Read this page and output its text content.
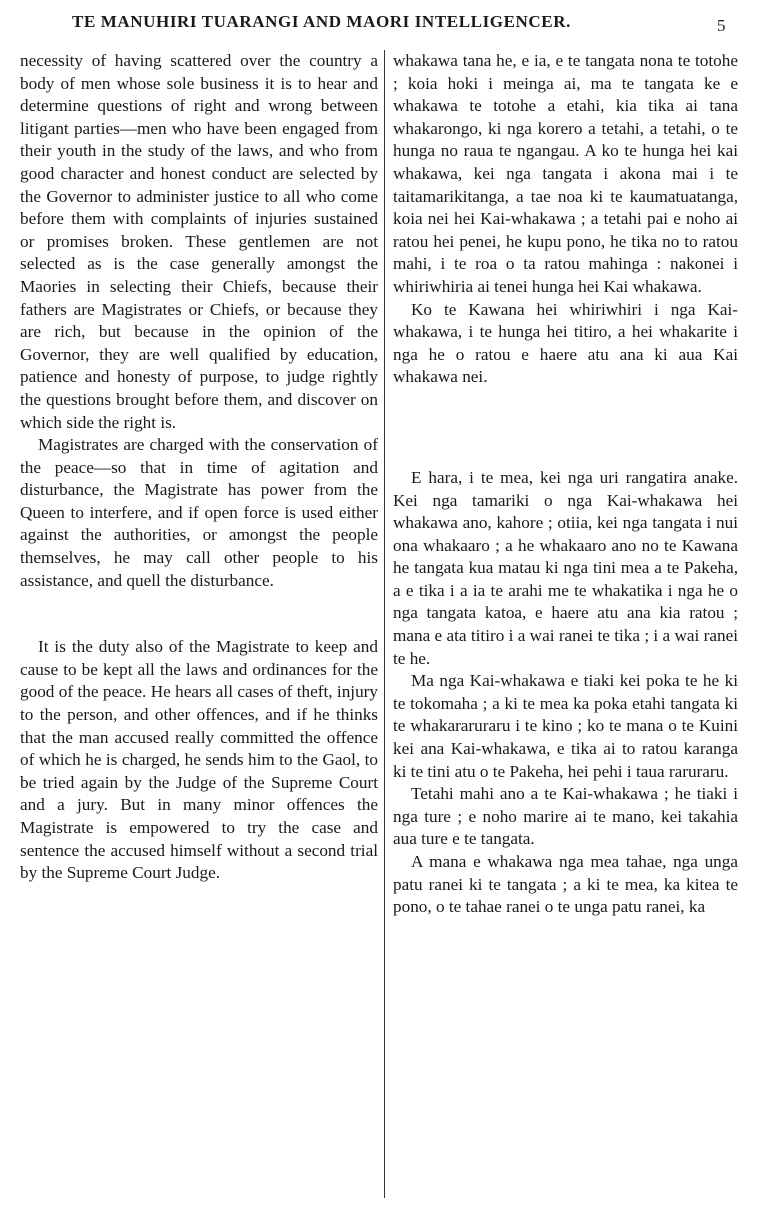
TE MANUHIRI TUARANGI AND MAORI INTELLIGENCER.	5

necessity of having scattered over the country a body of men whose sole business it is to hear and determine questions of right and wrong between litigant parties—men who have been engaged from their youth in the study of the laws, and who from good character and honest conduct are selected by the Governor to administer justice to all who come before them with complaints of injuries sustained or promises broken. These gentlemen are not selected as is the case generally amongst the Maories in selecting their Chiefs, because their fathers are Magistrates or Chiefs, or because they are rich, but because in the opinion of the Governor, they are well qualified by education, patience and honesty of purpose, to judge rightly the questions brought before them, and discover on which side the right is.

Magistrates are charged with the conservation of the peace—so that in time of agitation and disturbance, the Magistrate has power from the Queen to interfere, and if open force is used either against the authorities, or amongst the people themselves, he may call other people to his assistance, and quell the disturbance.

It is the duty also of the Magistrate to keep and cause to be kept all the laws and ordinances for the good of the peace. He hears all cases of theft, injury to the person, and other offences, and if he thinks that the man accused really committed the offence of which he is charged, he sends him to the Gaol, to be tried again by the Judge of the Supreme Court and a jury. But in many minor offences the Magistrate is empowered to try the case and sentence the accused himself without a second trial by the Supreme Court Judge.

whakawa tana he, e ia, e te tangata nona te totohe ; koia hoki i meinga ai, ma te tangata ke e whakawa te totohe a etahi, kia tika ai tana whakarongo, ki nga korero a tetahi, a tetahi, o te hunga no raua te ngangau. A ko te hunga hei kai whakawa, kei nga tangata i akona mai i te taitamarikitanga, a tae noa ki te kaumatuatanga, koia nei hei Kai-whakawa ; a tetahi pai e noho ai ratou hei penei, he kupu pono, he tika no to ratou mahi, i te roa o ta ratou mahinga : nakonei i whiriwhiria ai tenei hunga hei Kai whakawa.

Ko te Kawana hei whiriwhiri i nga Kai-whakawa, i te hunga hei titiro, a hei whakarite i nga he o ratou e haere atu ana ki aua Kai whakawa nei.

E hara, i te mea, kei nga uri rangatira anake. Kei nga tamariki o nga Kai-whakawa hei whakawa ano, kahore ; otiia, kei nga tangata i nui ona whakaaro ; a he whakaaro ano no te Kawana he tangata kua matau ki nga tini mea a te Pakeha, a e tika i a ia te arahi me te whakatika i nga he o nga tangata katoa, e haere atu ana kia ratou ; mana e ata titiro i a wai ranei te tika ; i a wai ranei te he.

Ma nga Kai-whakawa e tiaki kei poka te he ki te tokomaha ; a ki te mea ka poka etahi tangata ki te whakararuraru i te kino ; ko te mana o te Kuini kei ana Kai-whakawa, e tika ai to ratou karanga ki te tini atu o te Pakeha, hei pehi i taua raruraru.

Tetahi mahi ano a te Kai-whakawa ; he tiaki i nga ture ; e noho marire ai te mano, kei takahia aua ture e te tangata.

A mana e whakawa nga mea tahae, nga unga patu ranei ki te tangata ; a ki te mea, ka kitea te pono, o te tahae ranei o te unga patu ranei, ka
